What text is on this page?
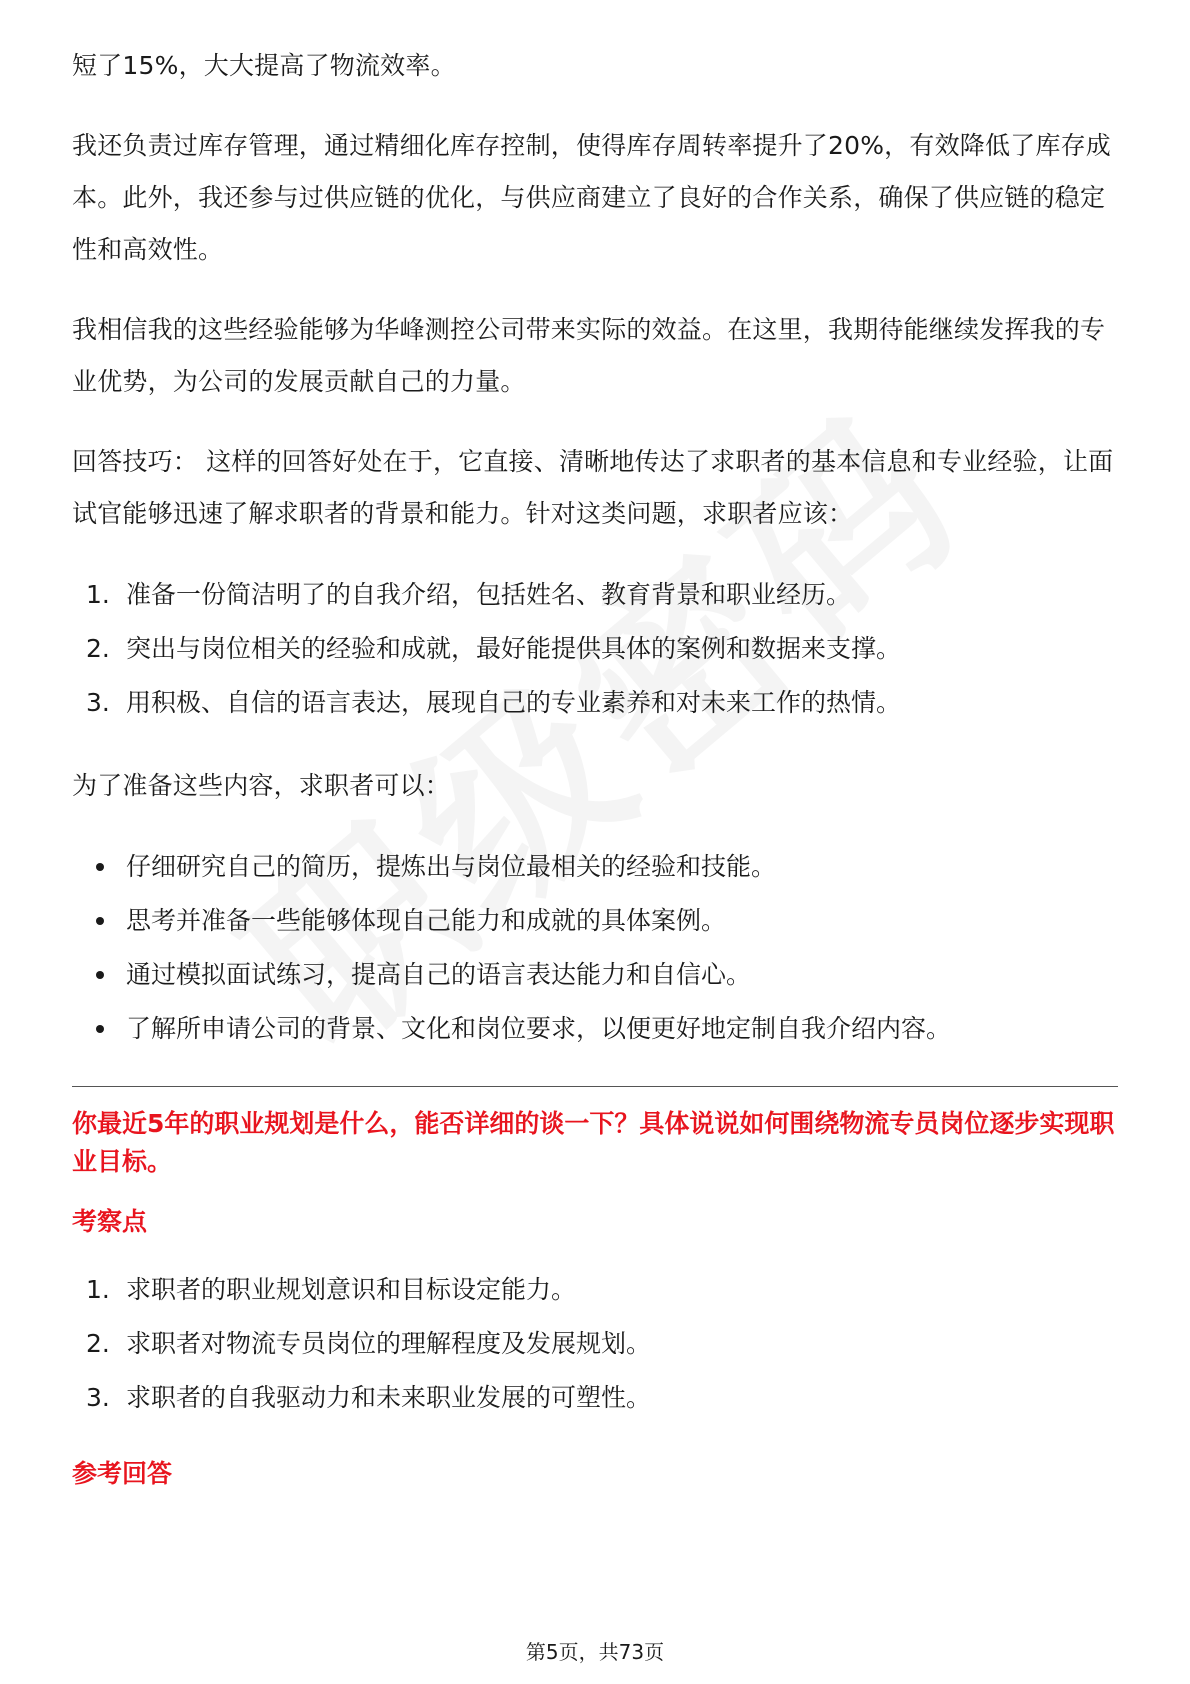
短了15%，大大提高了物流效率。

我还负责过库存管理，通过精细化库存控制，使得库存周转率提升了20%，有效降低了库存成本。此外，我还参与过供应链的优化，与供应商建立了良好的合作关系，确保了供应链的稳定性和高效性。

我相信我的这些经验能够为华峰测控公司带来实际的效益。在这里，我期待能继续发挥我的专业优势，为公司的发展贡献自己的力量。

回答技巧： 这样的回答好处在于，它直接、清晰地传达了求职者的基本信息和专业经验，让面试官能够迅速了解求职者的背景和能力。针对这类问题，求职者应该：

1. 准备一份简洁明了的自我介绍，包括姓名、教育背景和职业经历。
2. 突出与岗位相关的经验和成就，最好能提供具体的案例和数据来支撑。
3. 用积极、自信的语言表达，展现自己的专业素养和对未来工作的热情。

为了准备这些内容，求职者可以：

仔细研究自己的简历，提炼出与岗位最相关的经验和技能。
思考并准备一些能够体现自己能力和成就的具体案例。
通过模拟面试练习，提高自己的语言表达能力和自信心。
了解所申请公司的背景、文化和岗位要求，以便更好地定制自我介绍内容。

你最近5年的职业规划是什么，能否详细的谈一下？具体说说如何围绕物流专员岗位逐步实现职业目标。

考察点

1. 求职者的职业规划意识和目标设定能力。
2. 求职者对物流专员岗位的理解程度及发展规划。
3. 求职者的自我驱动力和未来职业发展的可塑性。

参考回答

第5页，共73页
